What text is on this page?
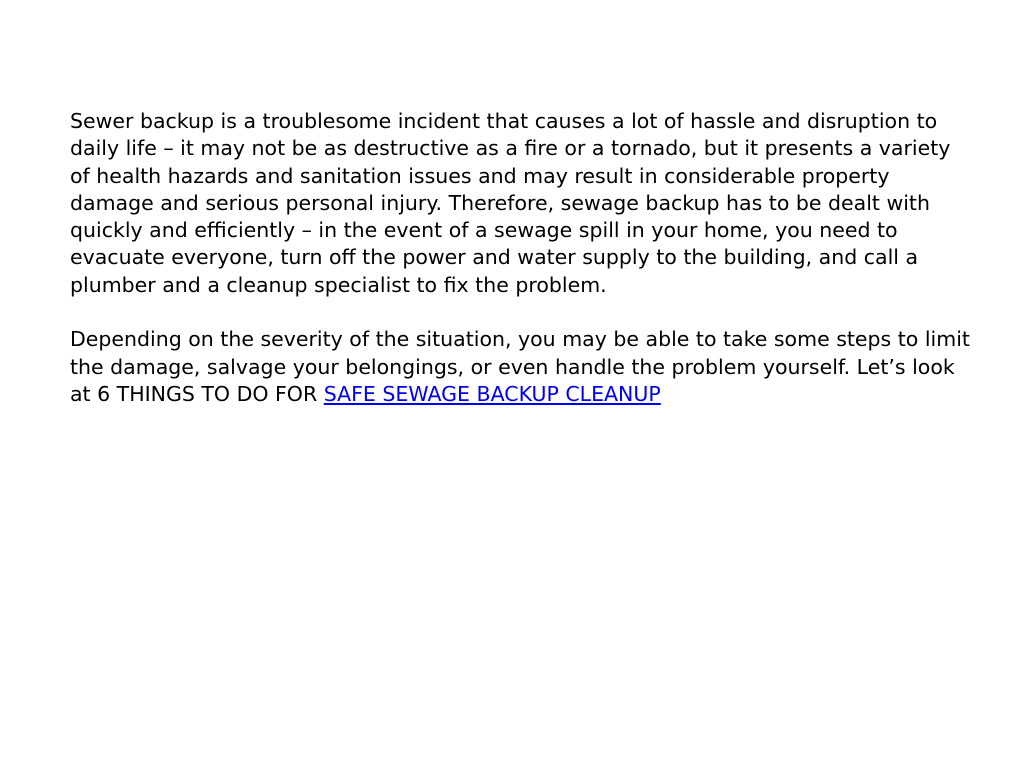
Sewer backup is a troublesome incident that causes a lot of hassle and disruption to daily life – it may not be as destructive as a fire or a tornado, but it presents a variety of health hazards and sanitation issues and may result in considerable property damage and serious personal injury. Therefore, sewage backup has to be dealt with quickly and efficiently – in the event of a sewage spill in your home, you need to evacuate everyone, turn off the power and water supply to the building, and call a plumber and a cleanup specialist to fix the problem.

Depending on the severity of the situation, you may be able to take some steps to limit the damage, salvage your belongings, or even handle the problem yourself. Let’s look at 6 THINGS TO DO FOR SAFE SEWAGE BACKUP CLEANUP
